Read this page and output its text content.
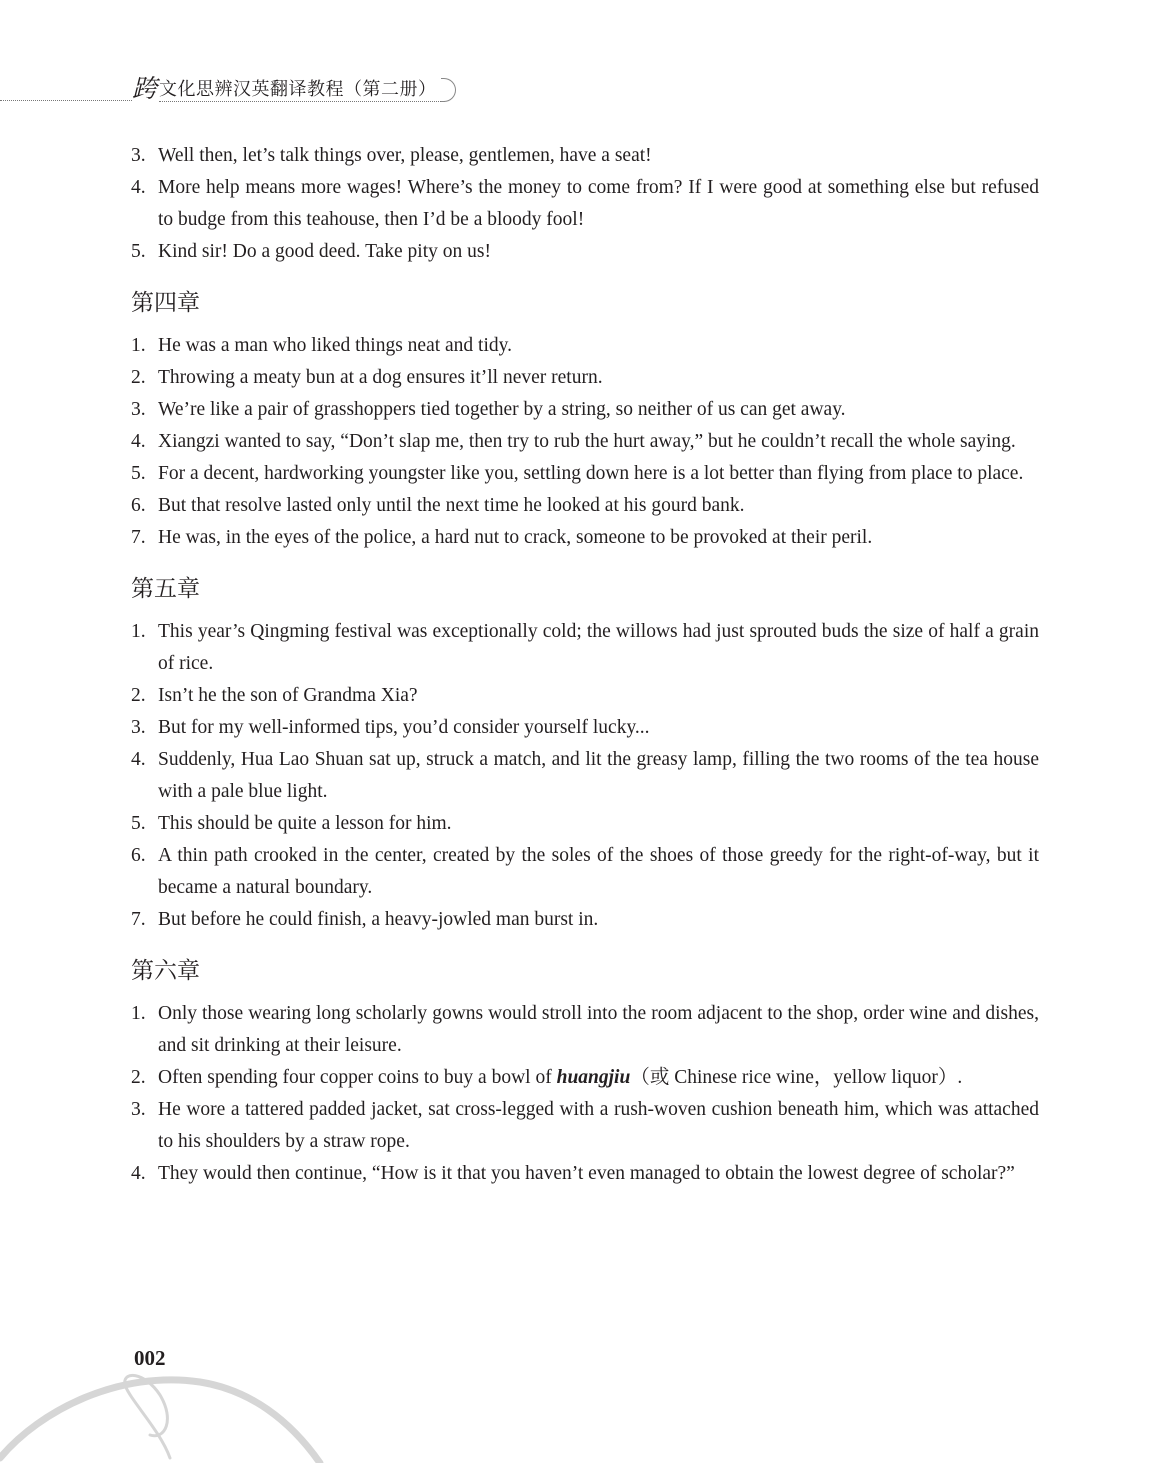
跨 文化思辨汉英翻译教程（第二册）
3. Well then, let’s talk things over, please, gentlemen, have a seat!
4. More help means more wages! Where’s the money to come from? If I were good at something else but refused to budge from this teahouse, then I’d be a bloody fool!
5. Kind sir! Do a good deed. Take pity on us!
第四章
1. He was a man who liked things neat and tidy.
2. Throwing a meaty bun at a dog ensures it’ll never return.
3. We’re like a pair of grasshoppers tied together by a string, so neither of us can get away.
4. Xiangzi wanted to say, “Don’t slap me, then try to rub the hurt away,” but he couldn’t recall the whole saying.
5. For a decent, hardworking youngster like you, settling down here is a lot better than flying from place to place.
6. But that resolve lasted only until the next time he looked at his gourd bank.
7. He was, in the eyes of the police, a hard nut to crack, someone to be provoked at their peril.
第五章
1. This year’s Qingming festival was exceptionally cold; the willows had just sprouted buds the size of half a grain of rice.
2. Isn’t he the son of Grandma Xia?
3. But for my well-informed tips, you’d consider yourself lucky...
4. Suddenly, Hua Lao Shuan sat up, struck a match, and lit the greasy lamp, filling the two rooms of the tea house with a pale blue light.
5. This should be quite a lesson for him.
6. A thin path crooked in the center, created by the soles of the shoes of those greedy for the right-of-way, but it became a natural boundary.
7. But before he could finish, a heavy-jowled man burst in.
第六章
1. Only those wearing long scholarly gowns would stroll into the room adjacent to the shop, order wine and dishes, and sit drinking at their leisure.
2. Often spending four copper coins to buy a bowl of huangjiu（或 Chinese rice wine，yellow liquor）.
3. He wore a tattered padded jacket, sat cross-legged with a rush-woven cushion beneath him, which was attached to his shoulders by a straw rope.
4. They would then continue, “How is it that you haven’t even managed to obtain the lowest degree of scholar?”
002
